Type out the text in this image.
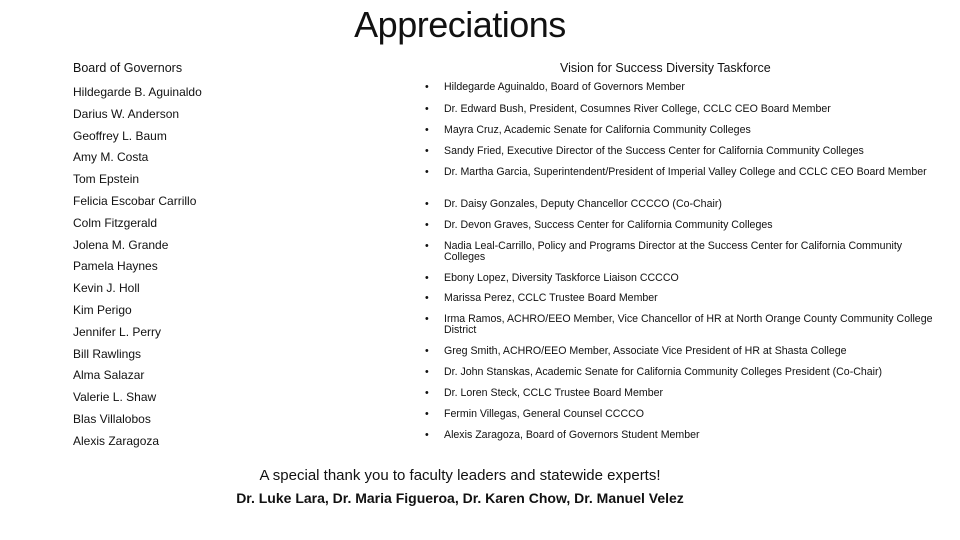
Appreciations
Board of Governors	Vision for Success Diversity Taskforce
Hildegarde B. Aguinaldo
Darius W. Anderson
Geoffrey L. Baum
Amy M. Costa
Tom Epstein
Felicia Escobar Carrillo
Colm Fitzgerald
Jolena M. Grande
Pamela Haynes
Kevin J. Holl
Kim Perigo
Jennifer L. Perry
Bill Rawlings
Alma Salazar
Valerie L. Shaw
Blas Villalobos
Alexis Zaragoza
•	Hildegarde Aguinaldo, Board of Governors Member
•	Dr. Edward Bush, President, Cosumnes River College, CCLC CEO Board Member
•	Mayra Cruz, Academic Senate for California Community Colleges
•	Sandy Fried, Executive Director of the Success Center for California Community Colleges
•	Dr. Martha Garcia, Superintendent/President of Imperial Valley College and CCLC CEO Board Member
•	Dr. Daisy Gonzales, Deputy Chancellor CCCCO (Co-Chair)
•	Dr. Devon Graves, Success Center for California Community Colleges
•	Nadia Leal-Carrillo, Policy and Programs Director at the Success Center for California Community Colleges
•	Ebony Lopez, Diversity Taskforce Liaison CCCCO
•	Marissa Perez, CCLC Trustee Board Member
•	Irma Ramos, ACHRO/EEO Member, Vice Chancellor of HR at North Orange County Community College District
•	Greg Smith, ACHRO/EEO Member, Associate Vice President of HR at Shasta College
•	Dr. John Stanskas, Academic Senate for California Community Colleges President (Co-Chair)
•	Dr. Loren Steck, CCLC Trustee Board Member
•	Fermin Villegas, General Counsel CCCCO
•	Alexis Zaragoza, Board of Governors Student Member
A special thank you to faculty leaders and statewide experts!
Dr. Luke Lara, Dr. Maria Figueroa, Dr. Karen Chow, Dr. Manuel Velez
